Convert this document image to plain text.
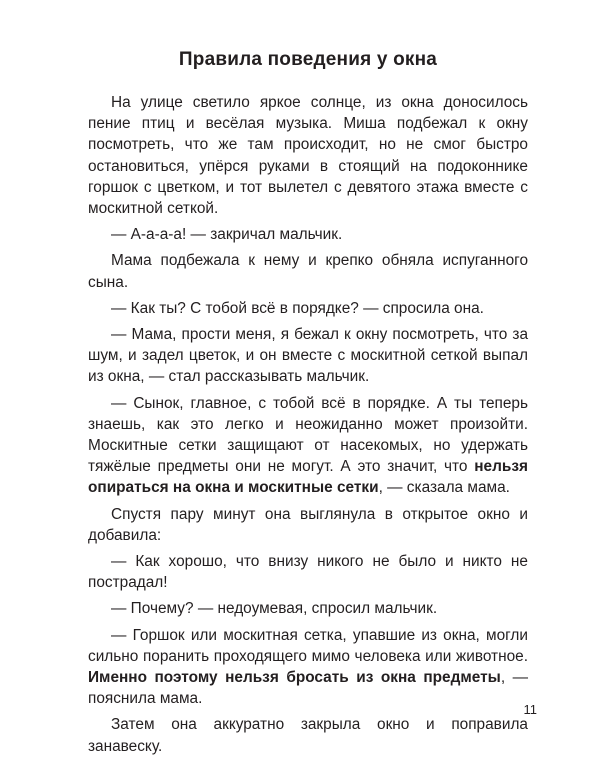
Правила поведения у окна
На улице светило яркое солнце, из окна доносилось пение птиц и весёлая музыка. Миша подбежал к окну посмотреть, что же там происходит, но не смог быстро остановиться, упёрся руками в стоящий на подоконнике горшок с цветком, и тот вылетел с девятого этажа вместе с москитной сеткой.
— А-а-а-а! — закричал мальчик.
Мама подбежала к нему и крепко обняла испуганного сына.
— Как ты? С тобой всё в порядке? — спросила она.
— Мама, прости меня, я бежал к окну посмотреть, что за шум, и задел цветок, и он вместе с москитной сеткой выпал из окна, — стал рассказывать мальчик.
— Сынок, главное, с тобой всё в порядке. А ты теперь знаешь, как это легко и неожиданно может произойти. Москитные сетки защищают от насекомых, но удержать тяжёлые предметы они не могут. А это значит, что нельзя опираться на окна и москитные сетки, — сказала мама.
Спустя пару минут она выглянула в открытое окно и добавила:
— Как хорошо, что внизу никого не было и никто не пострадал!
— Почему? — недоумевая, спросил мальчик.
— Горшок или москитная сетка, упавшие из окна, могли сильно поранить проходящего мимо человека или животное. Именно поэтому нельзя бросать из окна предметы, — пояснила мама.
Затем она аккуратно закрыла окно и поправила занавеску.
11
